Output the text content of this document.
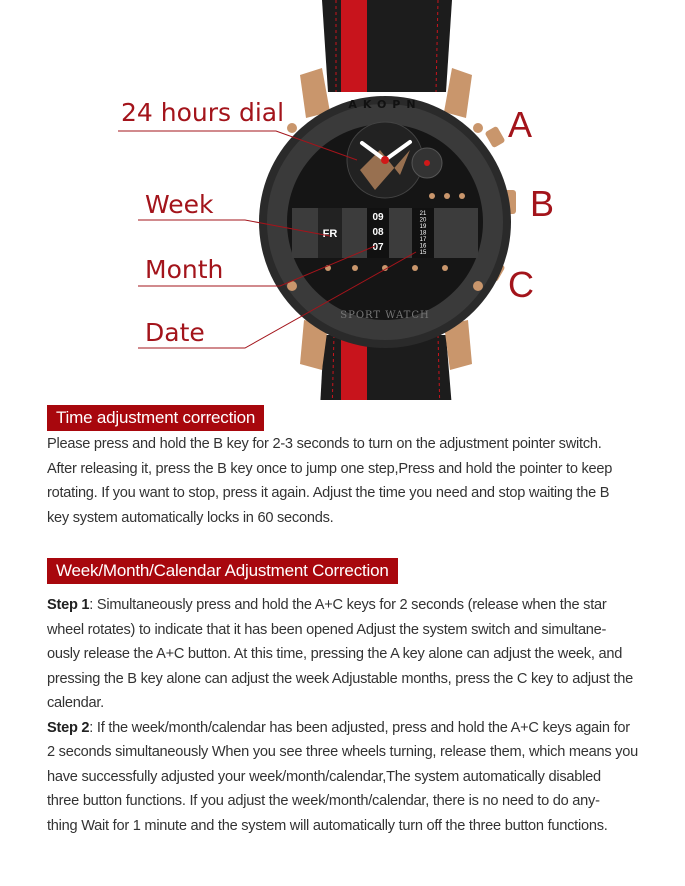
AKOPN
SPORT WATCH
FR
09
08
07
21
20
19
18
17
16
15
24 hours dial
Week
Month
Date
A
B
C
Time adjustment correction
Please press and hold the B key for 2-3 seconds to turn on the adjustment pointer switch.
After releasing it, press the B key once to jump one step,Press and hold the pointer to keep
rotating. If you want to stop, press it again. Adjust the time you need and stop waiting the B
key system automatically locks in 60 seconds.
Week/Month/Calendar Adjustment Correction
Step 1: Simultaneously press and hold the A+C keys for 2 seconds (release when the star
wheel rotates) to indicate that it has been opened Adjust the system switch and simultane-
ously release the A+C button. At this time, pressing the A key alone can adjust the week, and
pressing the B key alone can adjust the week Adjustable months, press the C key to adjust the
calendar.
Step 2: If the week/month/calendar has been adjusted, press and hold the A+C keys again for
2 seconds simultaneously When you see three wheels turning, release them, which means you
have successfully adjusted your week/month/calendar,The system automatically disabled
three button functions. If you adjust the week/month/calendar, there is no need to do any-
thing Wait for 1 minute and the system will automatically turn off the three button functions.
